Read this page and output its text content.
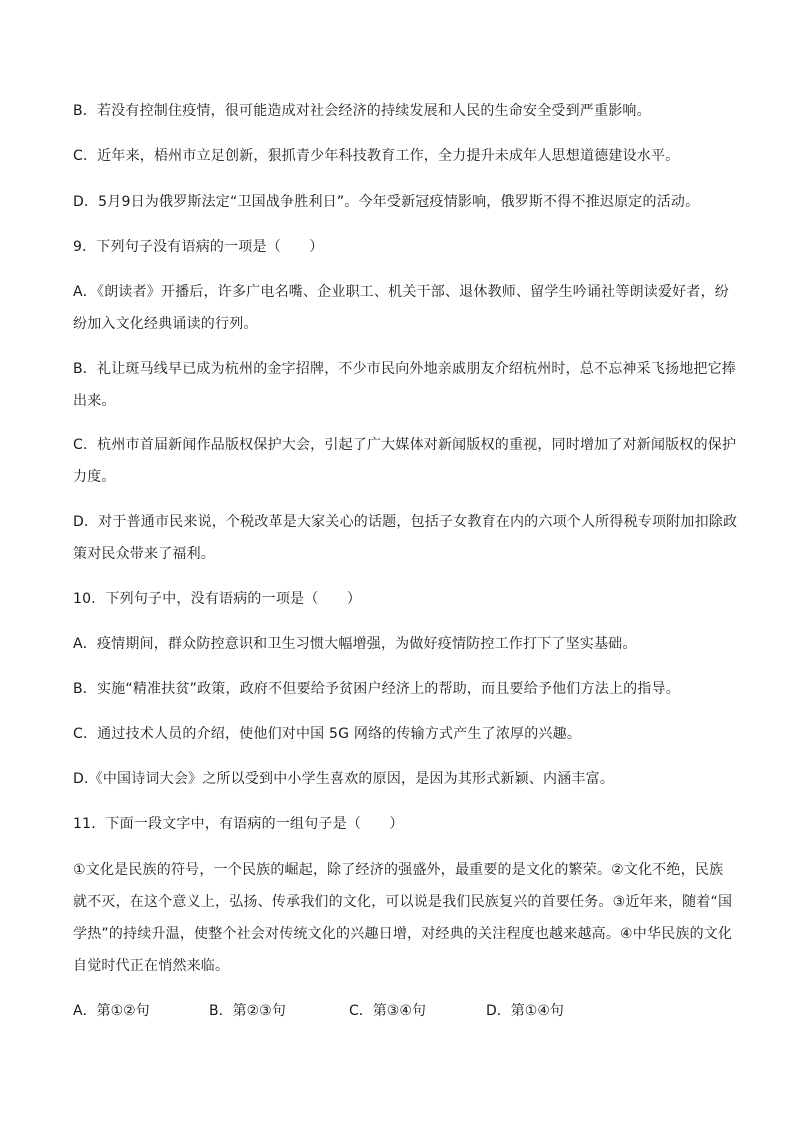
B．若没有控制住疫情，很可能造成对社会经济的持续发展和人民的生命安全受到严重影响。
C．近年来，梧州市立足创新，狠抓青少年科技教育工作，全力提升未成年人思想道德建设水平。
D．5月9日为俄罗斯法定“卫国战争胜利日”。今年受新冠疫情影响，俄罗斯不得不推迟原定的活动。
9．下列句子没有语病的一项是（　　）
A．《朗读者》开播后，许多广电名嘴、企业职工、机关干部、退休教师、留学生吟诵社等朗读爱好者，纷
纷加入文化经典诵读的行列。
B．礼让斑马线早已成为杭州的金字招牌，不少市民向外地亲戚朋友介绍杭州时，总不忘神采飞扬地把它捧
出来。
C．杭州市首届新闻作品版权保护大会，引起了广大媒体对新闻版权的重视，同时增加了对新闻版权的保护
力度。
D．对于普通市民来说，个税改革是大家关心的话题，包括子女教育在内的六项个人所得税专项附加扣除政
策对民众带来了福利。
10．下列句子中，没有语病的一项是（　　）
A．疫情期间，群众防控意识和卫生习惯大幅增强，为做好疫情防控工作打下了坚实基础。
B．实施“精准扶贫”政策，政府不但要给予贫困户经济上的帮助，而且要给予他们方法上的指导。
C．通过技术人员的介绍，使他们对中国 5G 网络的传输方式产生了浓厚的兴趣。
D.《中国诗词大会》之所以受到中小学生喜欢的原因，是因为其形式新颖、内涵丰富。
11．下面一段文字中，有语病的一组句子是（　　）
①文化是民族的符号，一个民族的崛起，除了经济的强盛外，最重要的是文化的繁荣。②文化不绝，民族
就不灭，在这个意义上，弘扬、传承我们的文化，可以说是我们民族复兴的首要任务。③近年来，随着“国
学热”的持续升温，使整个社会对传统文化的兴趣日增，对经典的关注程度也越来越高。④中华民族的文化
自觉时代正在悄然来临。
A．第①②句	B．第②③句	C．第③④句	D．第①④句
